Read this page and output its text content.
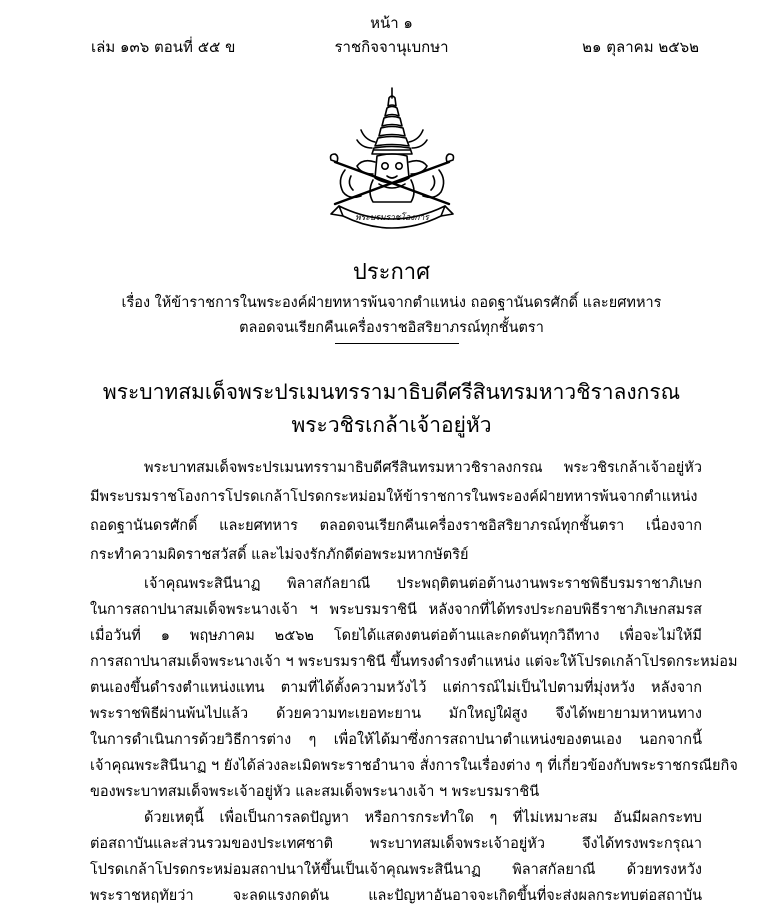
หน้า ๑
เล่ม ๑๓๖ ตอนที่ ๕๕ ข	ราชกิจจานุเบกษา	๒๑ ตุลาคม ๒๕๖๒
พระบรมราชโองการ
ประกาศ
เรื่อง ให้ข้าราชการในพระองค์ฝ่ายทหารพ้นจากตำแหน่ง ถอดฐานันดรศักดิ์ และยศทหาร
ตลอดจนเรียกคืนเครื่องราชอิสริยาภรณ์ทุกชั้นตรา
พระบาทสมเด็จพระปรเมนทรรามาธิบดีศรีสินทรมหาวชิราลงกรณ
พระวชิรเกล้าเจ้าอยู่หัว
พระบาทสมเด็จพระปรเมนทรรามาธิบดีศรีสินทรมหาวชิราลงกรณ พระวชิรเกล้าเจ้าอยู่หัว
มีพระบรมราชโองการโปรดเกล้าโปรดกระหม่อมให้ข้าราชการในพระองค์ฝ่ายทหารพ้นจากตำแหน่ง
ถอดฐานันดรศักดิ์ และยศทหาร ตลอดจนเรียกคืนเครื่องราชอิสริยาภรณ์ทุกชั้นตรา เนื่องจาก
กระทำความผิดราชสวัสดิ์ และไม่จงรักภักดีต่อพระมหากษัตริย์
เจ้าคุณพระสินีนาฏ พิลาสกัลยาณี ประพฤติตนต่อต้านงานพระราชพิธีบรมราชาภิเษก
ในการสถาปนาสมเด็จพระนางเจ้า ฯ พระบรมราชินี หลังจากที่ได้ทรงประกอบพิธีราชาภิเษกสมรส
เมื่อวันที่ ๑ พฤษภาคม ๒๕๖๒ โดยได้แสดงตนต่อต้านและกดดันทุกวิถีทาง เพื่อจะไม่ให้มี
การสถาปนาสมเด็จพระนางเจ้า ฯ พระบรมราชินี ขึ้นทรงดำรงตำแหน่ง แต่จะให้โปรดเกล้าโปรดกระหม่อม
ตนเองขึ้นดำรงตำแหน่งแทน ตามที่ได้ตั้งความหวังไว้ แต่การณ์ไม่เป็นไปตามที่มุ่งหวัง หลังจาก
พระราชพิธีผ่านพ้นไปแล้ว ด้วยความทะเยอทะยาน มักใหญ่ใฝ่สูง จึงได้พยายามหาหนทาง
ในการดำเนินการด้วยวิธีการต่าง ๆ เพื่อให้ได้มาซึ่งการสถาปนาตำแหน่งของตนเอง นอกจากนี้
เจ้าคุณพระสินีนาฏ ฯ ยังได้ล่วงละเมิดพระราชอำนาจ สั่งการในเรื่องต่าง ๆ ที่เกี่ยวข้องกับพระราชกรณียกิจ
ของพระบาทสมเด็จพระเจ้าอยู่หัว และสมเด็จพระนางเจ้า ฯ พระบรมราชินี
ด้วยเหตุนี้ เพื่อเป็นการลดปัญหา หรือการกระทำใด ๆ ที่ไม่เหมาะสม อันมีผลกระทบ
ต่อสถาบันและส่วนรวมของประเทศชาติ พระบาทสมเด็จพระเจ้าอยู่หัว จึงได้ทรงพระกรุณา
โปรดเกล้าโปรดกระหม่อมสถาปนาให้ขึ้นเป็นเจ้าคุณพระสินีนาฏ พิลาสกัลยาณี ด้วยทรงหวัง
พระราชหฤทัยว่า จะลดแรงกดดัน และปัญหาอันอาจจะเกิดขึ้นที่จะส่งผลกระทบต่อสถาบัน
